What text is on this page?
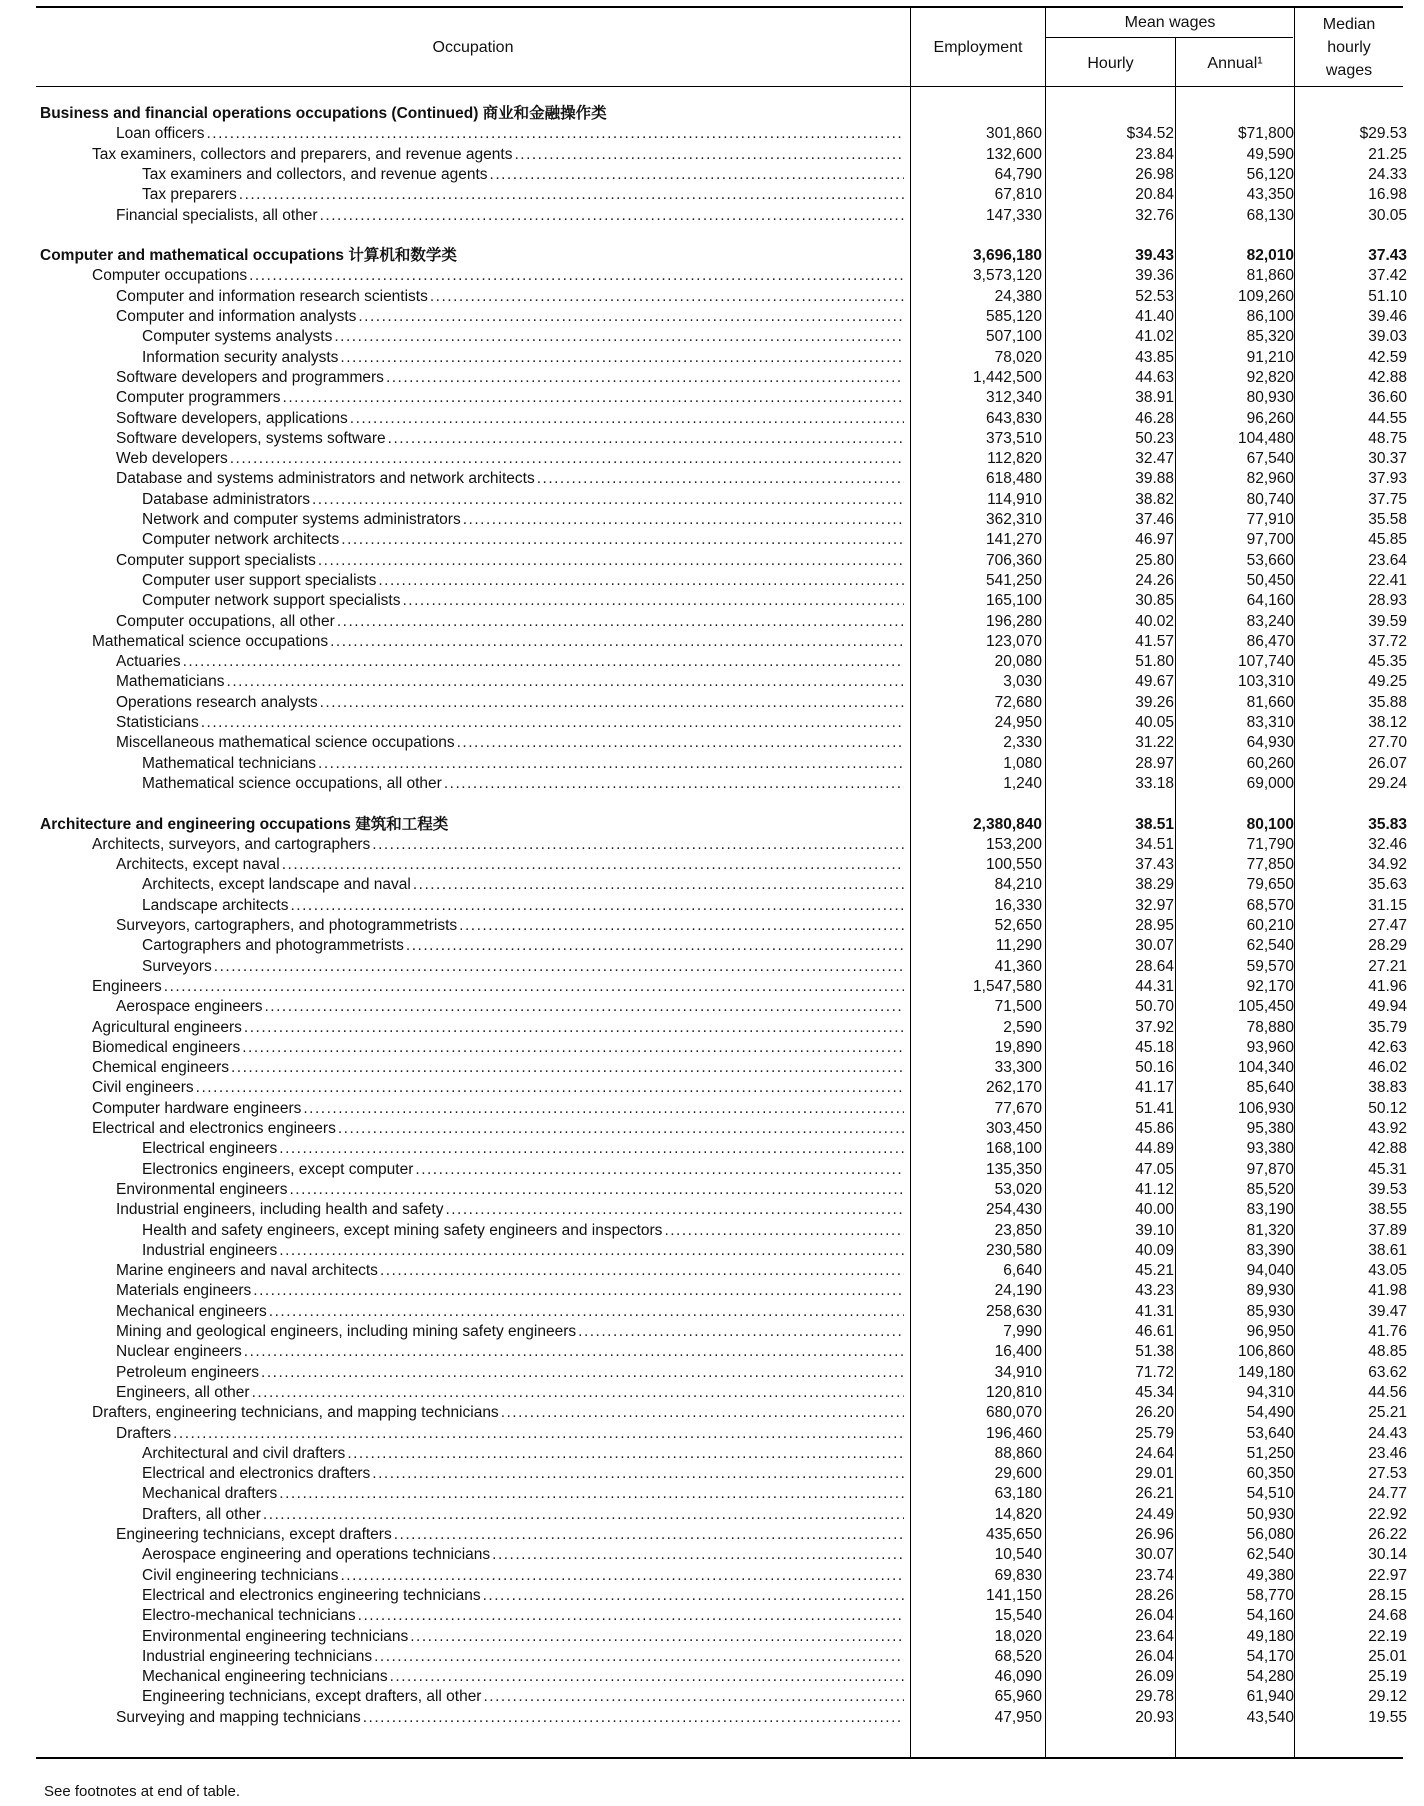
Occupation	Employment
Mean wages
Hourly	Annual¹
Median
hourly
wages
Business and financial operations occupations (Continued) 商业和金融操作类
Loan officers .....	301,860	$34.52	$71,800	$29.53
Tax examiners, collectors and preparers, and revenue agents .....	132,600	23.84	49,590	21.25
Tax examiners and collectors, and revenue agents .....	64,790	26.98	56,120	24.33
Tax preparers .....	67,810	20.84	43,350	16.98
Financial specialists, all other .....	147,330	32.76	68,130	30.05
Computer and mathematical occupations 计算机和数学类	3,696,180	39.43	82,010	37.43
Computer occupations .....	3,573,120	39.36	81,860	37.42
Computer and information research scientists .....	24,380	52.53	109,260	51.10
Computer and information analysts .....	585,120	41.40	86,100	39.46
Computer systems analysts .....	507,100	41.02	85,320	39.03
Information security analysts .....	78,020	43.85	91,210	42.59
Software developers and programmers .....	1,442,500	44.63	92,820	42.88
Computer programmers .....	312,340	38.91	80,930	36.60
Software developers, applications .....	643,830	46.28	96,260	44.55
Software developers, systems software .....	373,510	50.23	104,480	48.75
Web developers .....	112,820	32.47	67,540	30.37
Database and systems administrators and network architects .....	618,480	39.88	82,960	37.93
Database administrators .....	114,910	38.82	80,740	37.75
Network and computer systems administrators .....	362,310	37.46	77,910	35.58
Computer network architects .....	141,270	46.97	97,700	45.85
Computer support specialists .....	706,360	25.80	53,660	23.64
Computer user support specialists .....	541,250	24.26	50,450	22.41
Computer network support specialists .....	165,100	30.85	64,160	28.93
Computer occupations, all other .....	196,280	40.02	83,240	39.59
Mathematical science occupations .....	123,070	41.57	86,470	37.72
Actuaries .....	20,080	51.80	107,740	45.35
Mathematicians .....	3,030	49.67	103,310	49.25
Operations research analysts .....	72,680	39.26	81,660	35.88
Statisticians .....	24,950	40.05	83,310	38.12
Miscellaneous mathematical science occupations .....	2,330	31.22	64,930	27.70
Mathematical technicians .....	1,080	28.97	60,260	26.07
Mathematical science occupations, all other .....	1,240	33.18	69,000	29.24
Architecture and engineering occupations 建筑和工程类	2,380,840	38.51	80,100	35.83
Architects, surveyors, and cartographers .....	153,200	34.51	71,790	32.46
Architects, except naval .....	100,550	37.43	77,850	34.92
Architects, except landscape and naval .....	84,210	38.29	79,650	35.63
Landscape architects .....	16,330	32.97	68,570	31.15
Surveyors, cartographers, and photogrammetrists .....	52,650	28.95	60,210	27.47
Cartographers and photogrammetrists .....	11,290	30.07	62,540	28.29
Surveyors .....	41,360	28.64	59,570	27.21
Engineers .....	1,547,580	44.31	92,170	41.96
Aerospace engineers .....	71,500	50.70	105,450	49.94
Agricultural engineers .....	2,590	37.92	78,880	35.79
Biomedical engineers .....	19,890	45.18	93,960	42.63
Chemical engineers .....	33,300	50.16	104,340	46.02
Civil engineers .....	262,170	41.17	85,640	38.83
Computer hardware engineers .....	77,670	51.41	106,930	50.12
Electrical and electronics engineers .....	303,450	45.86	95,380	43.92
Electrical engineers .....	168,100	44.89	93,380	42.88
Electronics engineers, except computer .....	135,350	47.05	97,870	45.31
Environmental engineers .....	53,020	41.12	85,520	39.53
Industrial engineers, including health and safety .....	254,430	40.00	83,190	38.55
Health and safety engineers, except mining safety engineers and inspectors .....	23,850	39.10	81,320	37.89
Industrial engineers .....	230,580	40.09	83,390	38.61
Marine engineers and naval architects .....	6,640	45.21	94,040	43.05
Materials engineers .....	24,190	43.23	89,930	41.98
Mechanical engineers .....	258,630	41.31	85,930	39.47
Mining and geological engineers, including mining safety engineers .....	7,990	46.61	96,950	41.76
Nuclear engineers .....	16,400	51.38	106,860	48.85
Petroleum engineers .....	34,910	71.72	149,180	63.62
Engineers, all other .....	120,810	45.34	94,310	44.56
Drafters, engineering technicians, and mapping technicians .....	680,070	26.20	54,490	25.21
Drafters .....	196,460	25.79	53,640	24.43
Architectural and civil drafters .....	88,860	24.64	51,250	23.46
Electrical and electronics drafters .....	29,600	29.01	60,350	27.53
Mechanical drafters .....	63,180	26.21	54,510	24.77
Drafters, all other .....	14,820	24.49	50,930	22.92
Engineering technicians, except drafters .....	435,650	26.96	56,080	26.22
Aerospace engineering and operations technicians .....	10,540	30.07	62,540	30.14
Civil engineering technicians .....	69,830	23.74	49,380	22.97
Electrical and electronics engineering technicians .....	141,150	28.26	58,770	28.15
Electro-mechanical technicians .....	15,540	26.04	54,160	24.68
Environmental engineering technicians .....	18,020	23.64	49,180	22.19
Industrial engineering technicians .....	68,520	26.04	54,170	25.01
Mechanical engineering technicians .....	46,090	26.09	54,280	25.19
Engineering technicians, except drafters, all other .....	65,960	29.78	61,940	29.12
Surveying and mapping technicians .....	47,950	20.93	43,540	19.55
See footnotes at end of table.
